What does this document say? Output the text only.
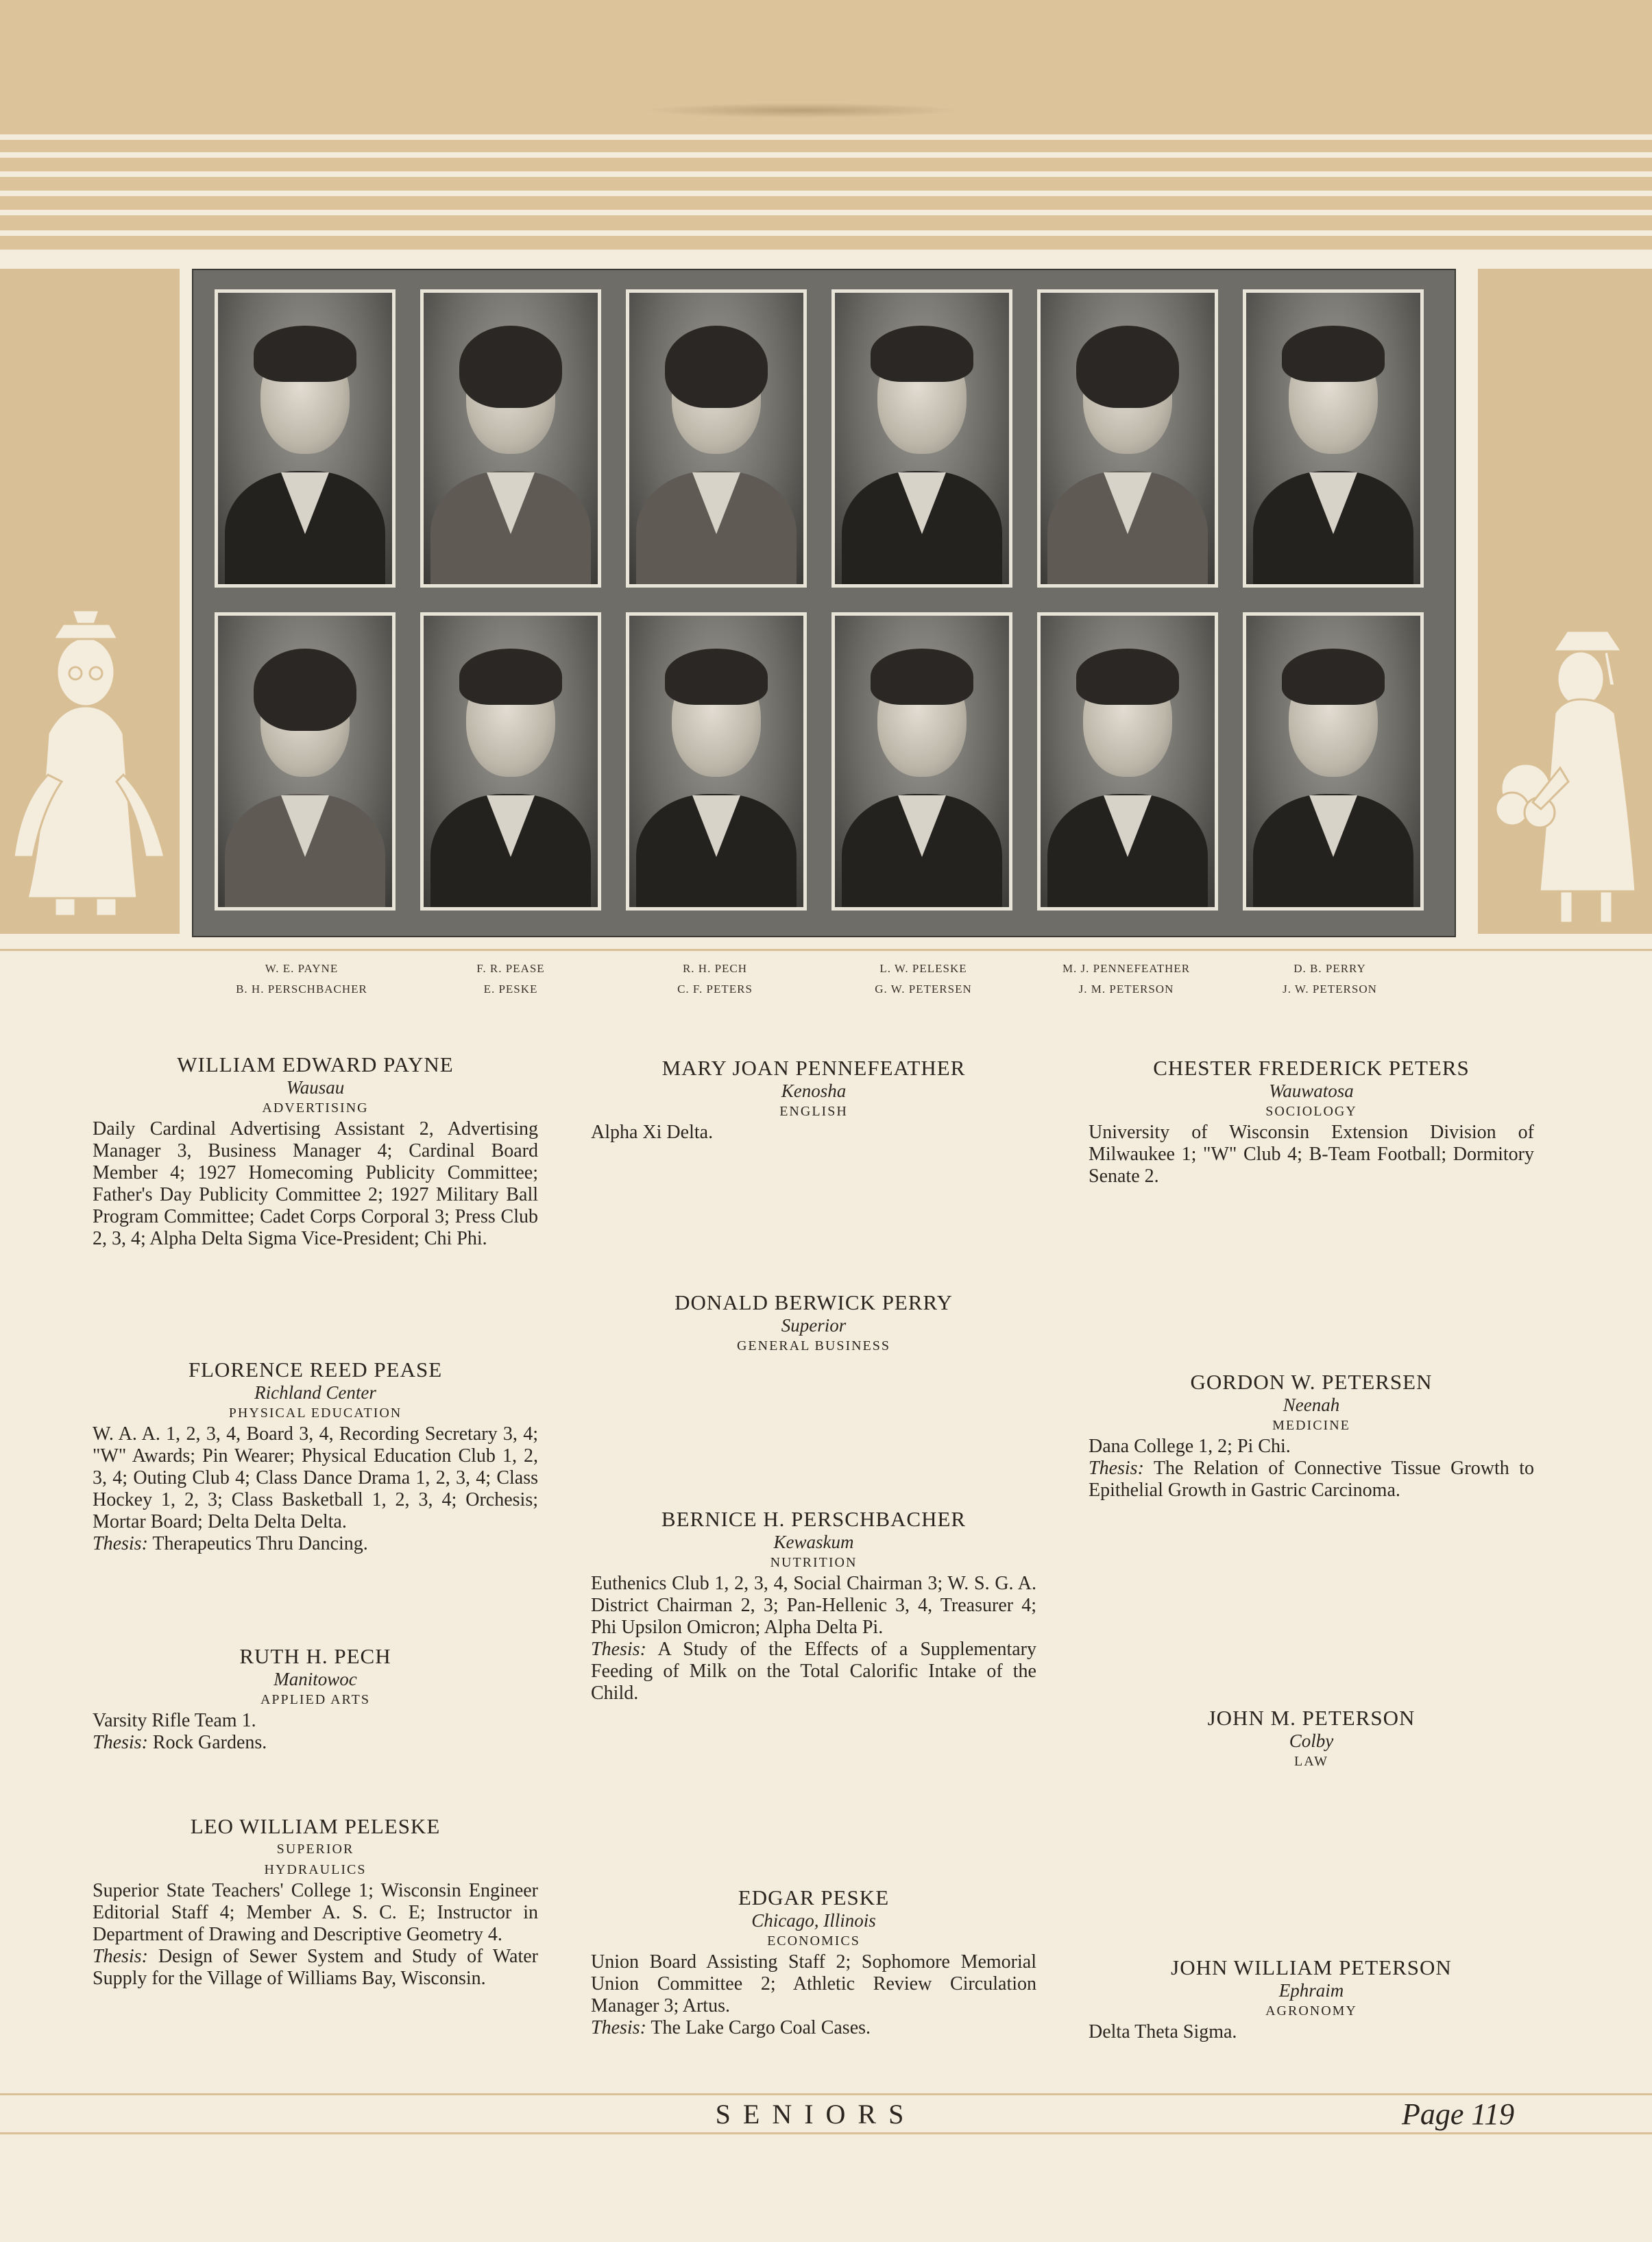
W. E. PAYNE
B. H. PERSCHBACHER
F. R. PEASE
E. PESKE
R. H. PECH
C. F. PETERS
L. W. PELESKE
G. W. PETERSEN
M. J. PENNEFEATHER
J. M. PETERSON
D. B. PERRY
J. W. PETERSON
WILLIAM EDWARD PAYNE
Wausau
ADVERTISING
Daily Cardinal Advertising Assistant 2, Advertising Manager 3, Business Manager 4; Cardinal Board Member 4; 1927 Homecoming Publicity Committee; Father's Day Publicity Committee 2; 1927 Military Ball Program Committee; Cadet Corps Corporal 3; Press Club 2, 3, 4; Alpha Delta Sigma Vice-President; Chi Phi.
FLORENCE REED PEASE
Richland Center
PHYSICAL EDUCATION
W. A. A. 1, 2, 3, 4, Board 3, 4, Recording Secretary 3, 4; "W" Awards; Pin Wearer; Physical Education Club 1, 2, 3, 4; Outing Club 4; Class Dance Drama 1, 2, 3, 4; Class Hockey 1, 2, 3; Class Basketball 1, 2, 3, 4; Orchesis; Mortar Board; Delta Delta Delta.
Thesis: Therapeutics Thru Dancing.
RUTH H. PECH
Manitowoc
APPLIED ARTS
Varsity Rifle Team 1.
Thesis: Rock Gardens.
LEO WILLIAM PELESKE
SUPERIOR
HYDRAULICS
Superior State Teachers' College 1; Wisconsin Engineer Editorial Staff 4; Member A. S. C. E; Instructor in Department of Drawing and Descriptive Geometry 4.
Thesis: Design of Sewer System and Study of Water Supply for the Village of Williams Bay, Wisconsin.
MARY JOAN PENNEFEATHER
Kenosha
ENGLISH
Alpha Xi Delta.
DONALD BERWICK PERRY
Superior
GENERAL BUSINESS
BERNICE H. PERSCHBACHER
Kewaskum
NUTRITION
Euthenics Club 1, 2, 3, 4, Social Chairman 3; W. S. G. A. District Chairman 2, 3; Pan-Hellenic 3, 4, Treasurer 4; Phi Upsilon Omicron; Alpha Delta Pi.
Thesis: A Study of the Effects of a Supplementary Feeding of Milk on the Total Calorific Intake of the Child.
EDGAR PESKE
Chicago, Illinois
ECONOMICS
Union Board Assisting Staff 2; Sophomore Memorial Union Committee 2; Athletic Review Circulation Manager 3; Artus.
Thesis: The Lake Cargo Coal Cases.
CHESTER FREDERICK PETERS
Wauwatosa
SOCIOLOGY
University of Wisconsin Extension Division of Milwaukee 1; "W" Club 4; B-Team Football; Dormitory Senate 2.
GORDON W. PETERSEN
Neenah
MEDICINE
Dana College 1, 2; Pi Chi.
Thesis: The Relation of Connective Tissue Growth to Epithelial Growth in Gastric Carcinoma.
JOHN M. PETERSON
Colby
LAW
JOHN WILLIAM PETERSON
Ephraim
AGRONOMY
Delta Theta Sigma.
SENIORS	Page 119
